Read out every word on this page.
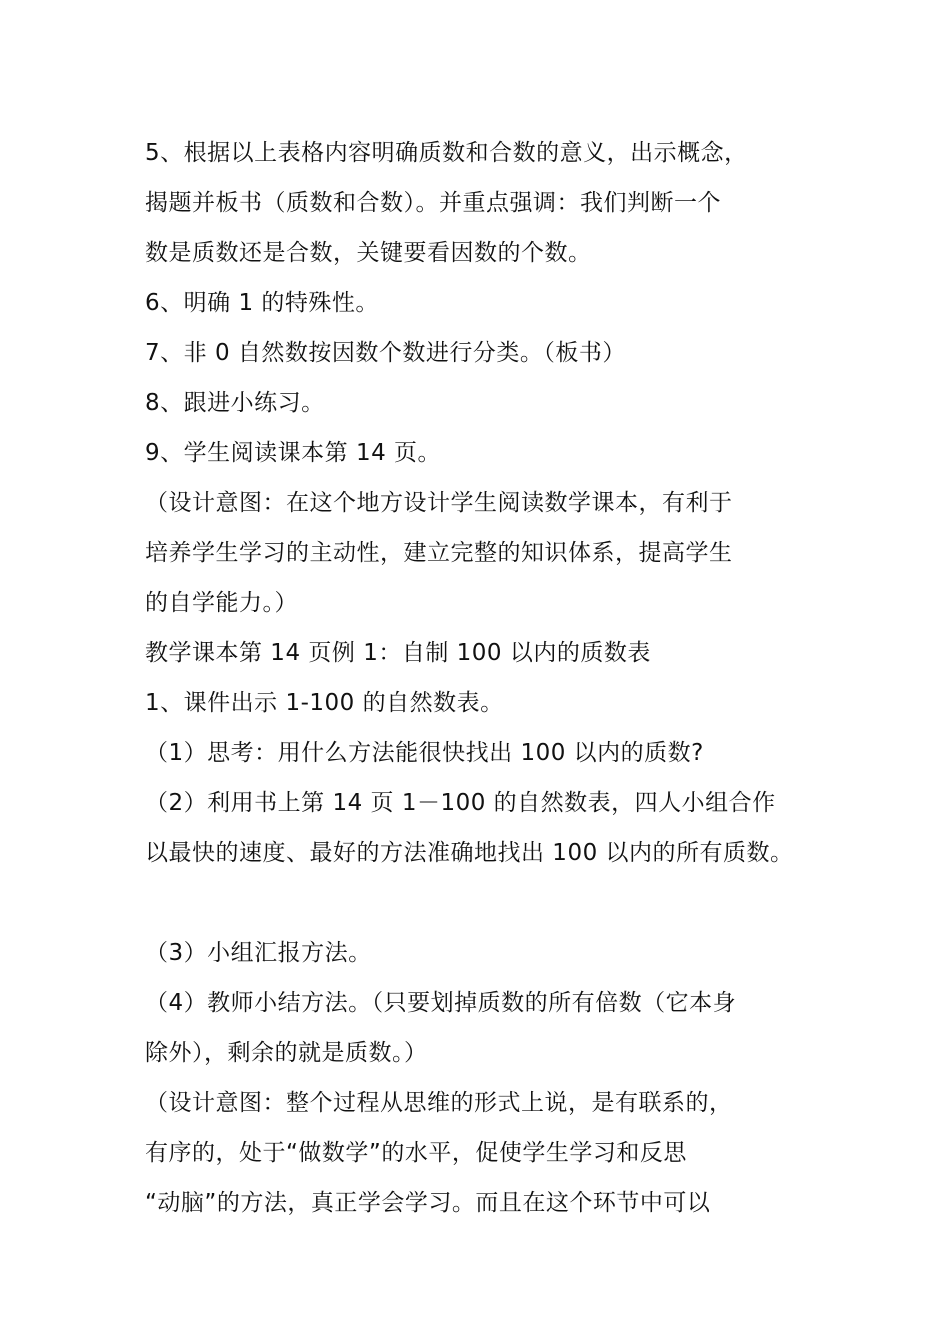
5、根据以上表格内容明确质数和合数的意义，出示概念，
揭题并板书（质数和合数）。并重点强调：我们判断一个
数是质数还是合数，关键要看因数的个数。
6、明确 1 的特殊性。
7、非 0 自然数按因数个数进行分类。（板书）
8、跟进小练习。
9、学生阅读课本第 14 页。
（设计意图：在这个地方设计学生阅读数学课本，有利于
培养学生学习的主动性，建立完整的知识体系，提高学生
的自学能力。）
教学课本第 14 页例 1：自制 100 以内的质数表
1、课件出示 1-100 的自然数表。
（1）思考：用什么方法能很快找出 100 以内的质数?
（2）利用书上第 14 页 1－100 的自然数表，四人小组合作
以最快的速度、最好的方法准确地找出 100 以内的所有质数。
（3）小组汇报方法。
（4）教师小结方法。（只要划掉质数的所有倍数（它本身
除外），剩余的就是质数。）
（设计意图：整个过程从思维的形式上说，是有联系的，
有序的，处于“做数学”的水平，促使学生学习和反思
“动脑”的方法，真正学会学习。而且在这个环节中可以
